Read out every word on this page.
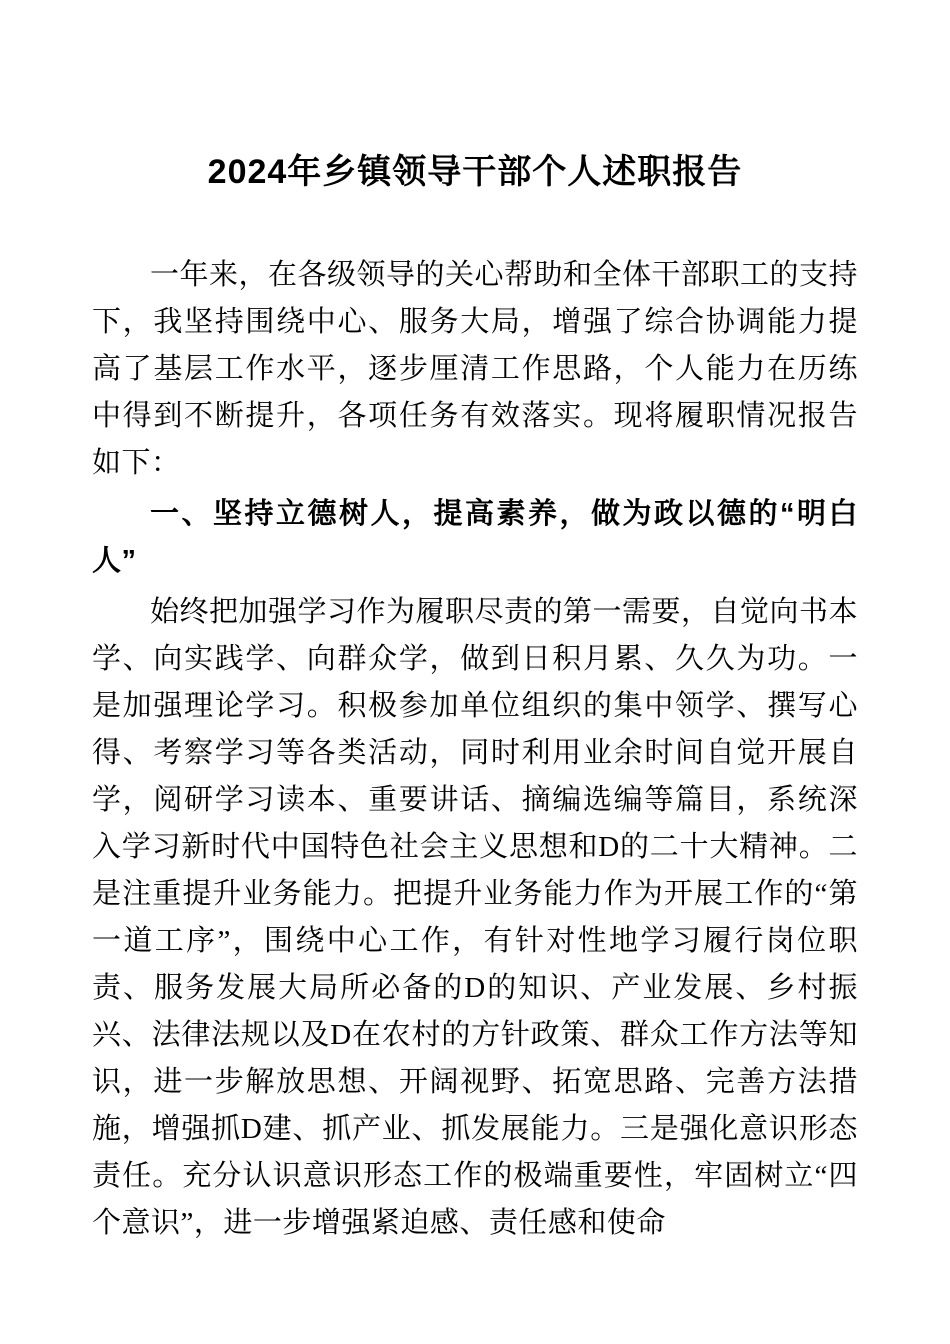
2024年乡镇领导干部个人述职报告

一年来，在各级领导的关心帮助和全体干部职工的支持下，我坚持围绕中心、服务大局，增强了综合协调能力提高了基层工作水平，逐步厘清工作思路，个人能力在历练中得到不断提升，各项任务有效落实。现将履职情况报告如下：

一、坚持立德树人，提高素养，做为政以德的“明白人”

始终把加强学习作为履职尽责的第一需要，自觉向书本学、向实践学、向群众学，做到日积月累、久久为功。一是加强理论学习。积极参加单位组织的集中领学、撰写心得、考察学习等各类活动，同时利用业余时间自觉开展自学，阅研学习读本、重要讲话、摘编选编等篇目，系统深入学习新时代中国特色社会主义思想和D的二十大精神。二是注重提升业务能力。把提升业务能力作为开展工作的“第一道工序”，围绕中心工作，有针对性地学习履行岗位职责、服务发展大局所必备的D的知识、产业发展、乡村振兴、法律法规以及D在农村的方针政策、群众工作方法等知识，进一步解放思想、开阔视野、拓宽思路、完善方法措施，增强抓D建、抓产业、抓发展能力。三是强化意识形态责任。充分认识意识形态工作的极端重要性，牢固树立“四个意识”，进一步增强紧迫感、责任感和使命
